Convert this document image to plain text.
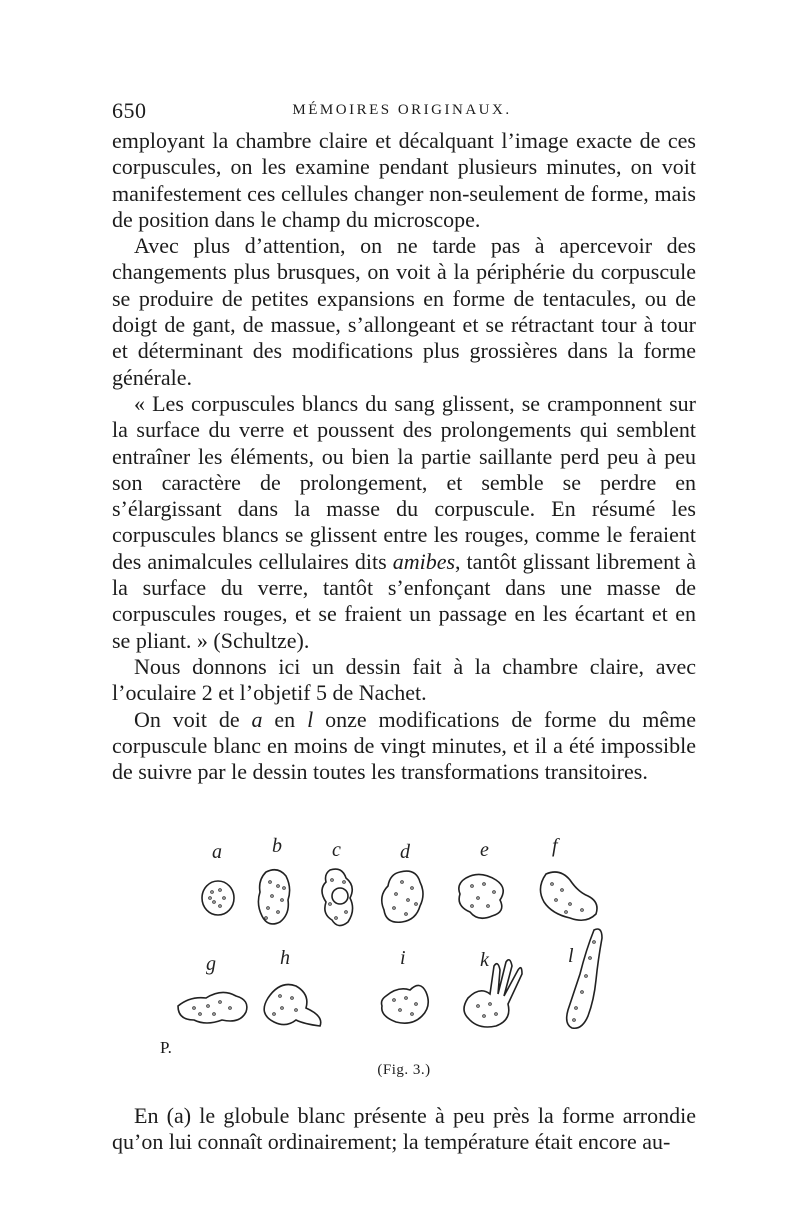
650	MÉMOIRES ORIGINAUX.

employant la chambre claire et décalquant l’image exacte de ces corpuscules, on les examine pendant plusieurs minutes, on voit manifestement ces cellules changer non-seulement de forme, mais de position dans le champ du microscope.

Avec plus d’attention, on ne tarde pas à apercevoir des changements plus brusques, on voit à la périphérie du corpuscule se produire de petites expansions en forme de tentacules, ou de doigt de gant, de massue, s’allongeant et se rétractant tour à tour et déterminant des modifications plus grossières dans la forme générale.

« Les corpuscules blancs du sang glissent, se cramponnent sur la surface du verre et poussent des prolongements qui semblent entraîner les éléments, ou bien la partie saillante perd peu à peu son caractère de prolongement, et semble se perdre en s’élargissant dans la masse du corpuscule. En résumé les corpuscules blancs se glissent entre les rouges, comme le feraient des animalcules cellulaires dits amibes, tantôt glissant librement à la surface du verre, tantôt s’enfonçant dans une masse de corpuscules rouges, et se fraient un passage en les écartant et en se pliant. » (Schultze).

Nous donnons ici un dessin fait à la chambre claire, avec l’oculaire 2 et l’objetif 5 de Nachet.

On voit de a en l onze modifications de forme du même corpuscule blanc en moins de vingt minutes, et il a été impossible de suivre par le dessin toutes les transformations transitoires.

a	b	c	d	e	f
g	h	i	k	l
P.
(Fig. 3.)

En (a) le globule blanc présente à peu près la forme arrondie qu’on lui connaît ordinairement; la température était encore au-
